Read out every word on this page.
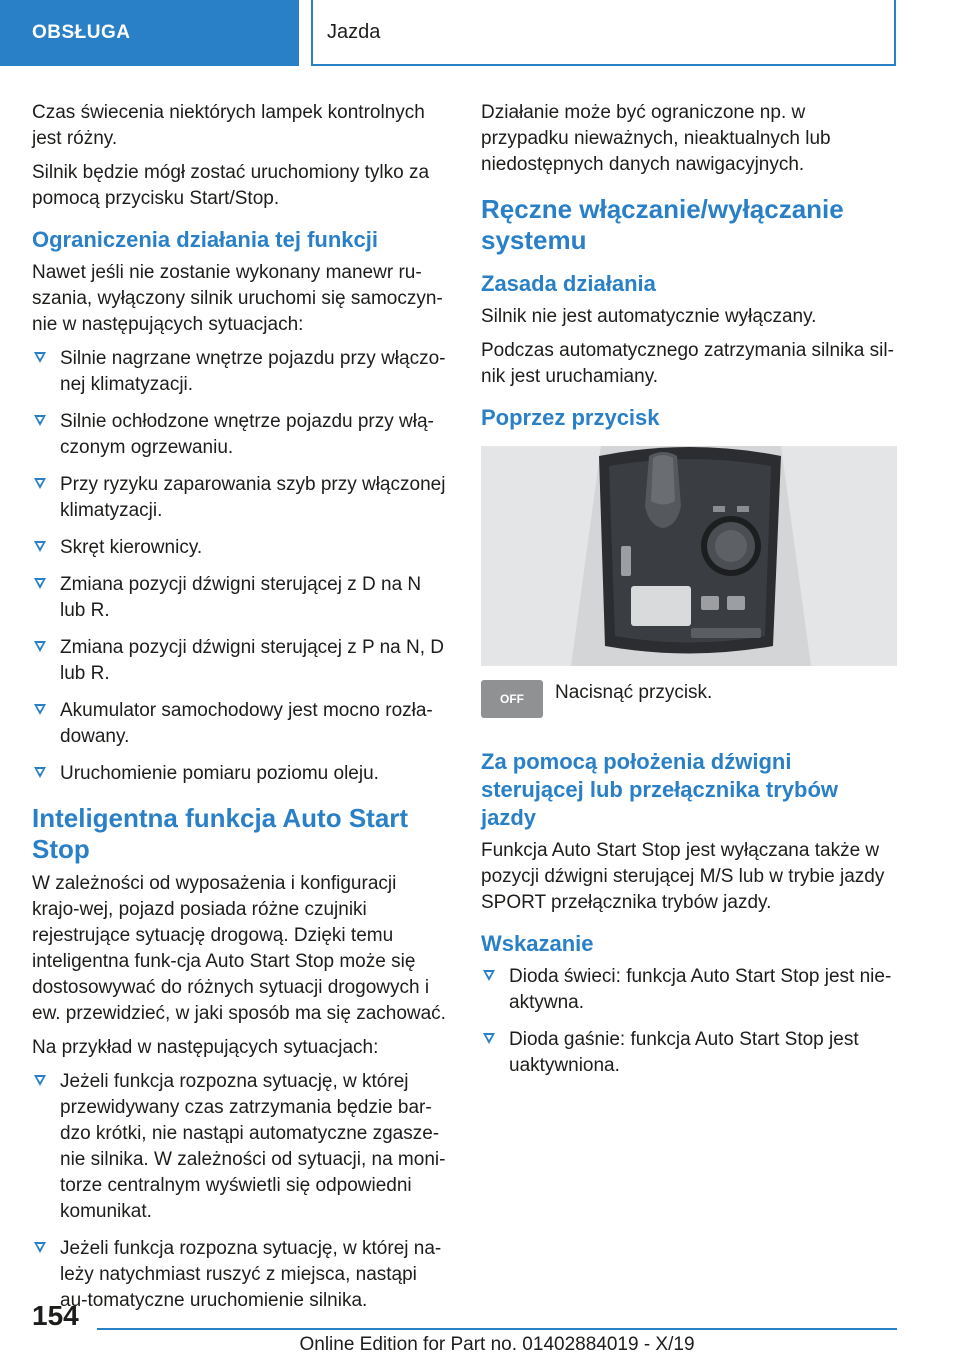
OBSŁUGA	Jazda

Czas świecenia niektórych lampek kontrolnych jest różny.

Silnik będzie mógł zostać uruchomiony tylko za pomocą przycisku Start/Stop.

Ograniczenia działania tej funkcji

Nawet jeśli nie zostanie wykonany manewr ru-szania, wyłączony silnik uruchomi się samoczyn-nie w następujących sytuacjach:

Silnie nagrzane wnętrze pojazdu przy włączo-nej klimatyzacji.
Silnie ochłodzone wnętrze pojazdu przy włą-czonym ogrzewaniu.
Przy ryzyku zaparowania szyb przy włączonej klimatyzacji.
Skręt kierownicy.
Zmiana pozycji dźwigni sterującej z D na N lub R.
Zmiana pozycji dźwigni sterującej z P na N, D lub R.
Akumulator samochodowy jest mocno rozła-dowany.
Uruchomienie pomiaru poziomu oleju.
Inteligentna funkcja Auto Start Stop

W zależności od wyposażenia i konfiguracji krajo-wej, pojazd posiada różne czujniki rejestrujące sytuację drogową. Dzięki temu inteligentna funk-cja Auto Start Stop może się dostosowywać do różnych sytuacji drogowych i ew. przewidzieć, w jaki sposób ma się zachować.

Na przykład w następujących sytuacjach:

Jeżeli funkcja rozpozna sytuację, w której przewidywany czas zatrzymania będzie bar-dzo krótki, nie nastąpi automatyczne zgasze-nie silnika. W zależności od sytuacji, na moni-torze centralnym wyświetli się odpowiedni komunikat.
Jeżeli funkcja rozpozna sytuację, w której na-leży natychmiast ruszyć z miejsca, nastąpi au-tomatyczne uruchomienie silnika.

Działanie może być ograniczone np. w przypadku nieważnych, nieaktualnych lub niedostępnych danych nawigacyjnych.

Ręczne włączanie/wyłączanie systemu
Zasada działania

Silnik nie jest automatycznie wyłączany.

Podczas automatycznego zatrzymania silnika sil-nik jest uruchamiany.

Poprzez przycisk
OFF Nacisnąć przycisk.

Za pomocą położenia dźwigni sterującej lub przełącznika trybów jazdy

Funkcja Auto Start Stop jest wyłączana także w pozycji dźwigni sterującej M/S lub w trybie jazdy SPORT przełącznika trybów jazdy.

Wskazanie
Dioda świeci: funkcja Auto Start Stop jest nie-aktywna.
Dioda gaśnie: funkcja Auto Start Stop jest uaktywniona.
154
Online Edition for Part no. 01402884019 - X/19
